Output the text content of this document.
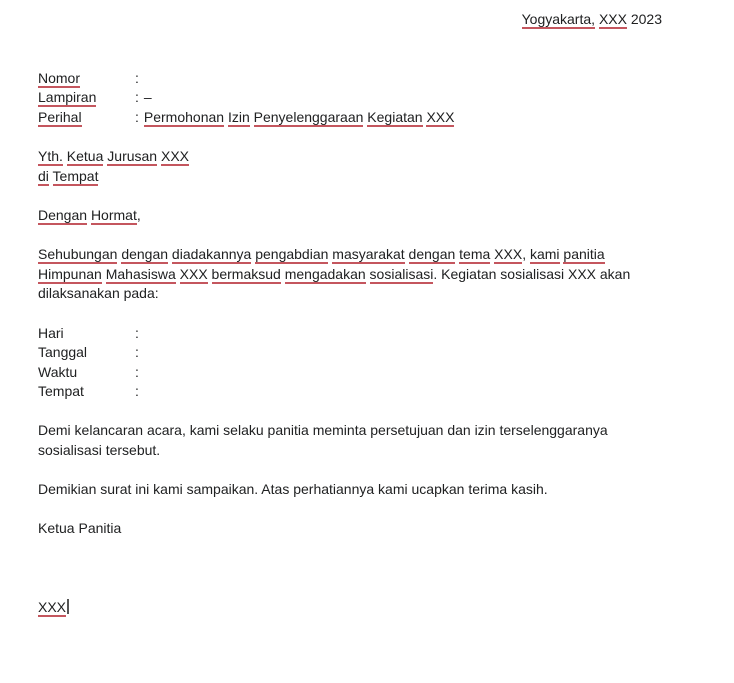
Yogyakarta, XXX 2023
Nomor	:
Lampiran	: –
Perihal	: Permohonan Izin Penyelenggaraan Kegiatan XXX
Yth. Ketua Jurusan XXX
di Tempat
Dengan Hormat,
Sehubungan dengan diadakannya pengabdian masyarakat dengan tema XXX, kami panitia
Himpunan Mahasiswa XXX bermaksud mengadakan sosialisasi. Kegiatan sosialisasi XXX akan
dilaksanakan pada:
Hari	:
Tanggal	:
Waktu	:
Tempat	:
Demi kelancaran acara, kami selaku panitia meminta persetujuan dan izin terselenggaranya
sosialisasi tersebut.
Demikian surat ini kami sampaikan. Atas perhatiannya kami ucapkan terima kasih.
Ketua Panitia
XXX
